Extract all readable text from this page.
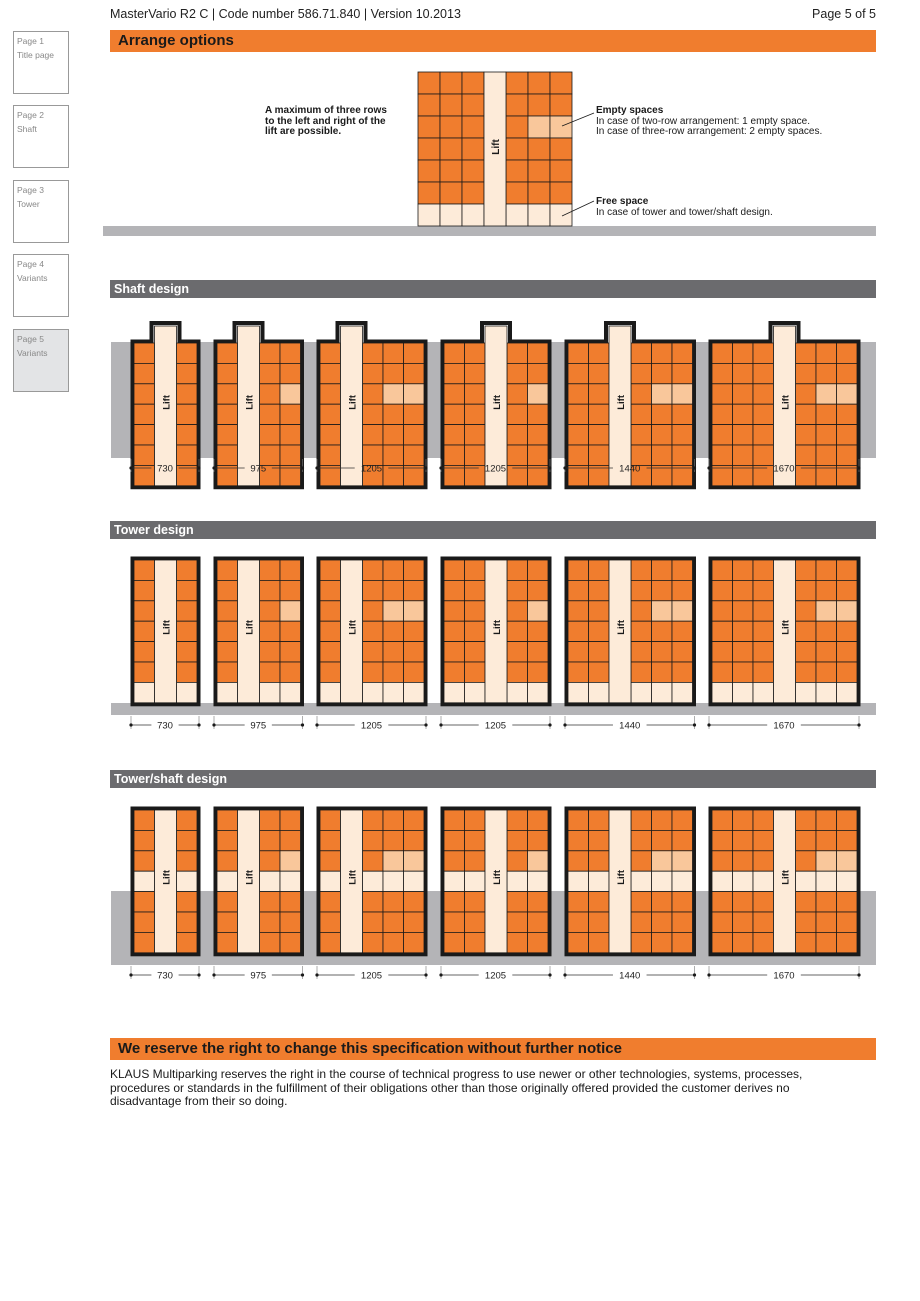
MasterVario R2 C | Code number 586.71.840 | Version 10.2013	Page 5 of 5
Page 1
Title page
Page 2
Shaft
Page 3
Tower
Page 4
Variants
Page 5
Variants
Arrange options
Lift
A maximum of three rows
to the left and right of the
lift are possible.
Empty spaces
In case of two-row arrangement: 1 empty space.
In case of three-row arrangement: 2 empty spaces.
Free space
In case of tower and tower/shaft design.
Shaft design
Tower design
Tower/shaft design
Lift
730
Lift
975
Lift
1205
Lift
1205
Lift
1440
Lift
1670
Lift
730
Lift
975
Lift
1205
Lift
1205
Lift
1440
Lift
1670
Lift
730
Lift
975
Lift
1205
Lift
1205
Lift
1440
Lift
1670
We reserve the right to change this specification without further notice
KLAUS Multiparking reserves the right in the course of technical progress to use newer or other technologies, systems, processes, procedures or standards in the fulfillment of their obligations other than those originally offered provided the customer derives no disadvantage from their so doing.
